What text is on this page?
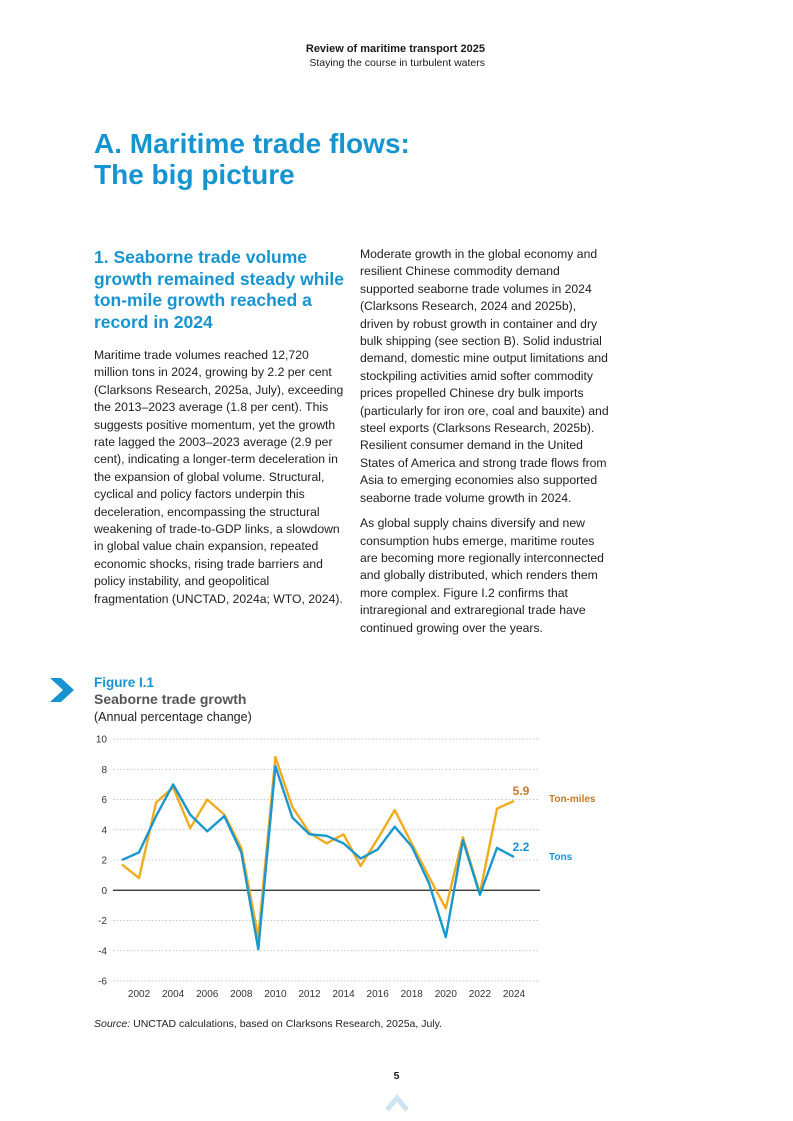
Review of maritime transport 2025
Staying the course in turbulent waters
A. Maritime trade flows:
The big picture
1. Seaborne trade volume growth remained steady while ton-mile growth reached a record in 2024

Maritime trade volumes reached 12,720 million tons in 2024, growing by 2.2 per cent (Clarksons Research, 2025a, July), exceeding the 2013–2023 average (1.8 per cent). This suggests positive momentum, yet the growth rate lagged the 2003–2023 average (2.9 per cent), indicating a longer-term deceleration in the expansion of global volume. Structural, cyclical and policy factors underpin this deceleration, encompassing the structural weakening of trade-to-GDP links, a slowdown in global value chain expansion, repeated economic shocks, rising trade barriers and policy instability, and geopolitical fragmentation (UNCTAD, 2024a; WTO, 2024).

Moderate growth in the global economy and resilient Chinese commodity demand supported seaborne trade volumes in 2024 (Clarksons Research, 2024 and 2025b), driven by robust growth in container and dry bulk shipping (see section B). Solid industrial demand, domestic mine output limitations and stockpiling activities amid softer commodity prices propelled Chinese dry bulk imports (particularly for iron ore, coal and bauxite) and steel exports (Clarksons Research, 2025b). Resilient consumer demand in the United States of America and strong trade flows from Asia to emerging economies also supported seaborne trade volume growth in 2024.

As global supply chains diversify and new consumption hubs emerge, maritime routes are becoming more regionally interconnected and globally distributed, which renders them more complex. Figure I.2 confirms that intraregional and extraregional trade have continued growing over the years.

Figure I.1
Seaborne trade growth
(Annual percentage change)
10
8
6
4
2
0
-2
-4
-6
2002 2004 2006 2008 2010 2012 2014 2016 2018 2020 2022 2024
5.9
Ton-miles
2.2
Tons
Source: UNCTAD calculations, based on Clarksons Research, 2025a, July.
5
